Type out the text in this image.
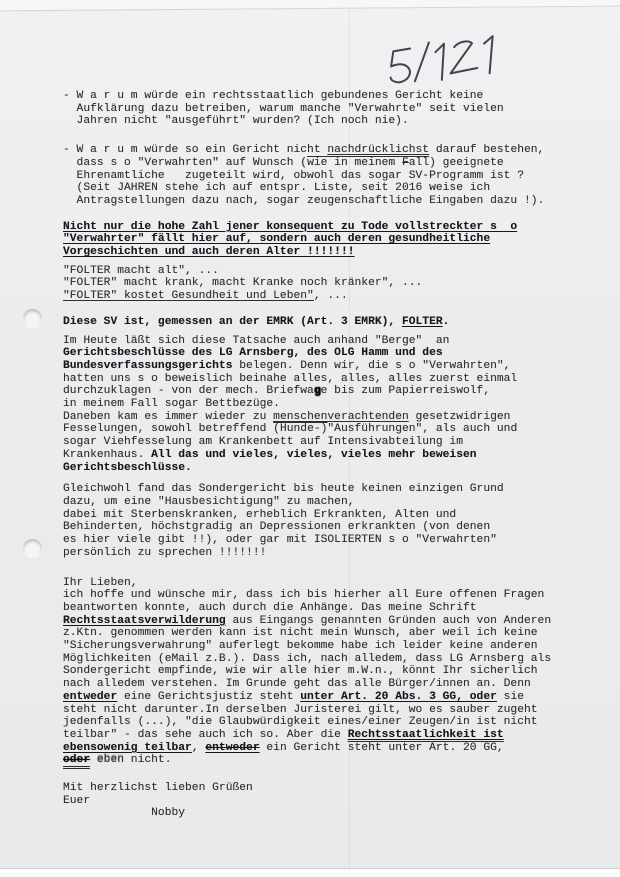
- W a r u m würde ein rechtsstaatlich gebundenes Gericht keine
Aufklärung dazu betreiben, warum manche "Verwahrte" seit vielen
Jahren nicht "ausgeführt" wurden? (Ich noch nie).
- W a r u m würde so ein Gericht nicht nachdrücklichst darauf bestehen,
dass s o "Verwahrten" auf Wunsch (wie in meinem $F\overline{all}$) geeignete
Ehrenamtliche   zugeteilt wird, obwohl das sogar SV-Programm ist ?
(Seit JAHREN stehe ich auf entspr. Liste, seit 2016 weise ich
Antragstellungen dazu nach, sogar zeugenschaftliche Eingaben dazu !).
Nicht nur die hohe Zahl jener konsequent zu Tode vollstreckter s  o
"Verwahrter" fällt hier auf, sondern auch deren gesundheitliche
Vorgeschichten und auch deren Alter !!!!!!!
"FOLTER macht alt", ...
"FOLTER" macht krank, macht Kranke noch kränker", ...
"FOLTER" kostet Gesundheit und Leben", ...
Diese SV ist, gemessen an der EMRK (Art. 3 EMRK), FOLTER.
Im Heute läßt sich diese Tatsache auch anhand "Berge"  an
Gerichtsbeschlüsse des LG Arnsberg, des OLG Hamm und des
Bundesverfassungsgerichts belegen. Denn wir, die s o "Verwahrten",
hatten uns s o beweislich beinahe alles, alles, alles zuerst einmal
durchzuklagen - von der mech. Briefwage bis zum Papierreiswolf,
in meinem Fall sogar Bettbezüge.
Daneben kam es immer wieder zu menschenverachtenden gesetzwidrigen
Fesselungen, sowohl betreffend (Hunde-)"Ausführungen", als auch und
sogar Viehfesselung am Krankenbett auf Intensivabteilung im
Krankenhaus. All das und vieles, vieles, vieles mehr beweisen
Gerichtsbeschlüsse.
Gleichwohl fand das Sondergericht bis heute keinen einzigen Grund
dazu, um eine "Hausbesichtigung" zu machen,
dabei mit Sterbenskranken, erheblich Erkrankten, Alten und
Behinderten, höchstgradig an Depressionen erkrankten (von denen
es hier viele gibt !!), oder gar mit ISOLIERTEN s o "Verwahrten"
persönlich zu sprechen !!!!!!!
Ihr Lieben,
ich hoffe und wünsche mir, dass ich bis hierher all Eure offenen Fragen
beantworten konnte, auch durch die Anhänge. Das meine Schrift
Rechtsstaatsverwilderung aus Eingangs genannten Gründen auch von Anderen
z.Ktn. genommen werden kann ist nicht mein Wunsch, aber weil ich keine
"Sicherungsverwahrung" auferlegt bekomme habe ich leider keine anderen
Möglichkeiten (eMail z.B.). Dass ich, nach alledem, dass LG Arnsberg als
Sondergericht empfinde, wie wir alle hier m.W.n., könnt Ihr sicherlich
nach alledem verstehen. Im Grunde geht das alle Bürger/innen an. Denn
entweder eine Gerichtsjustiz steht unter Art. 20 Abs. 3 GG, oder sie
steht nicht darunter.In derselben Juristerei gilt, wo es sauber zugeht
jedenfalls (...), "die Glaubwürdigkeit eines/einer Zeugen/in ist nicht
teilbar" - das sehe auch ich so. Aber die Rechtsstaatlichkeit ist
ebensowenig teilbar, entweder ein Gericht steht unter Art. 20 GG,
oder eben nicht.
Mit herzlichst lieben Grüßen
Euer
Nobby
